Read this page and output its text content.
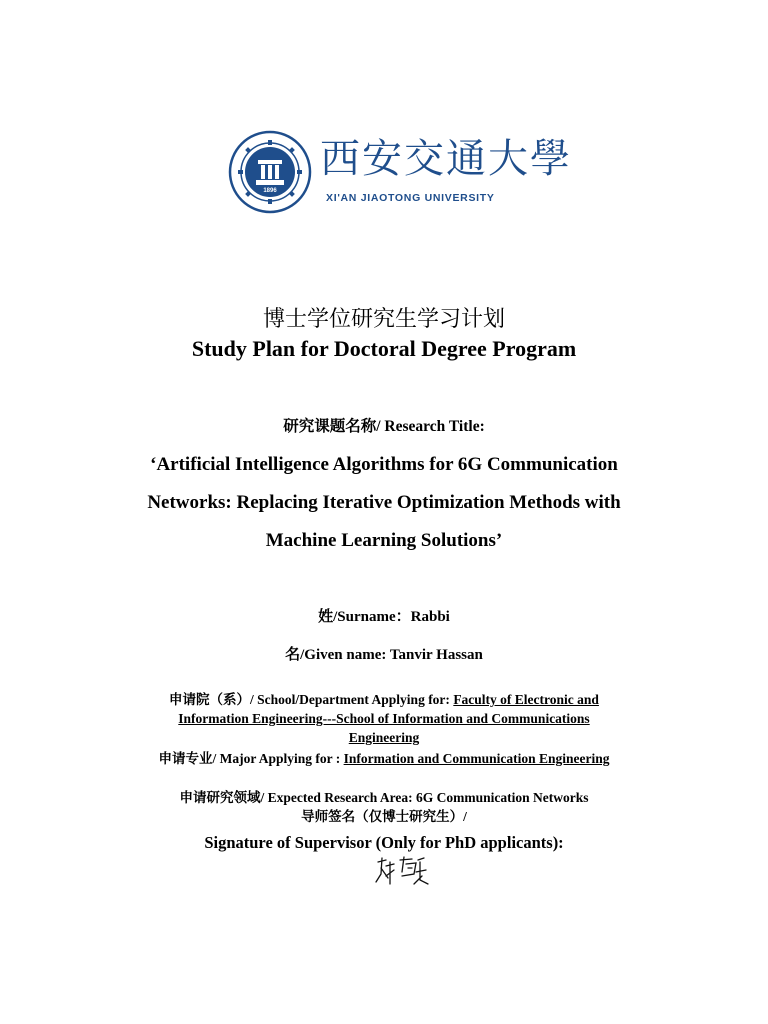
1896
西安交通大學
XI'AN JIAOTONG UNIVERSITY
博士学位研究生学习计划
Study Plan for Doctoral Degree Program
研究课题名称/ Research Title:
‘Artificial Intelligence Algorithms for 6G Communication
Networks: Replacing Iterative Optimization Methods with
Machine Learning Solutions’
姓/Surname：Rabbi
名/Given name: Tanvir Hassan
申请院（系）/ School/Department Applying for: Faculty of Electronic and
Information Engineering---School of Information and Communications
Engineering
申请专业/ Major Applying for : Information and Communication Engineering
申请研究领域/ Expected Research Area: 6G Communication Networks
导师签名（仅博士研究生）/
Signature of Supervisor (Only for PhD applicants):
